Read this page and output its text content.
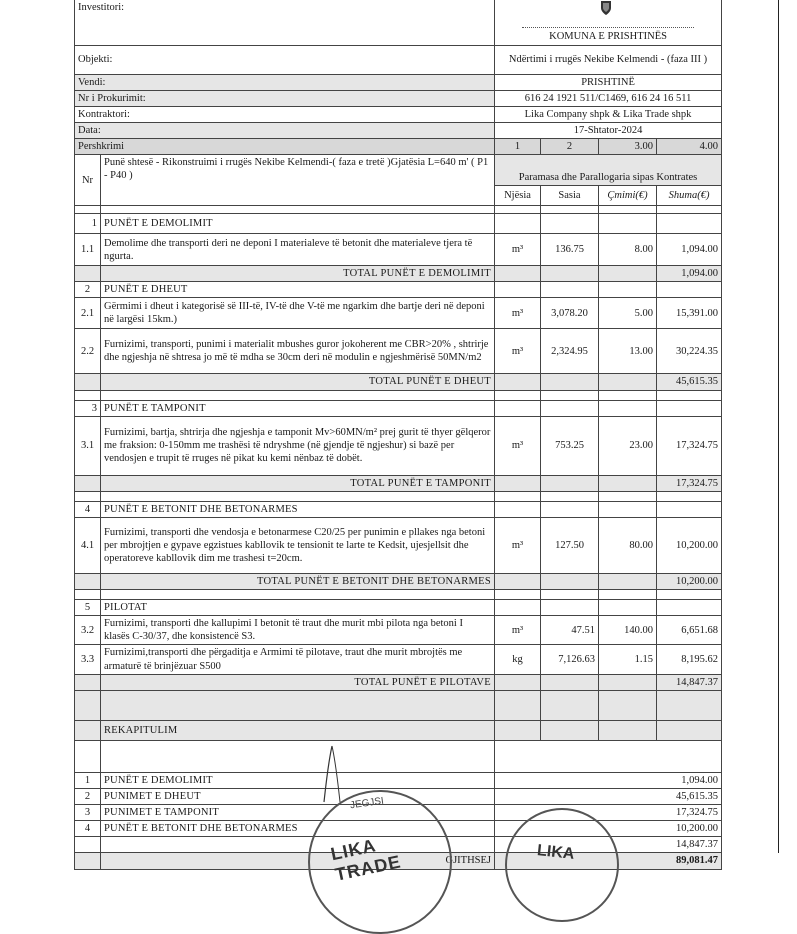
Investitori:		KOMUNA E PRISHTINËS			
Objekti:		Ndërtimi i rrugës Nekibe Kelmendi - (faza III )			
Vendi:		PRISHTINË			
Nr i Prokurimit:		616 24 1921 511/C1469, 616 24 16 511			
Kontraktori:		Lika Company shpk & Lika Trade shpk			
Data:		17-Shtator-2024			
Pershkrimi		1	2	3.00	4.00
Nr	Punë shtesë - Rikonstruimi i rrugës Nekibe Kelmendi-( faza e tretë )Gjatësia L=640 m' ( P1 - P40 )	Paramasa dhe Parallogaria sipas Kontrates			
		Njësia	Sasia	Çmimi(€)	Shuma(€)

1	PUNËT E DEMOLIMIT				
1.1	Demolime dhe transporti deri ne deponi I materialeve të betonit dhe materialeve tjera të ngurta.	m³	136.75	8.00	1,094.00
	TOTAL PUNËT E DEMOLIMIT				1,094.00
2	PUNËT E DHEUT				
2.1	Gërmimi i dheut i kategorisë së III-të, IV-të dhe V-të me ngarkim dhe bartje deri në deponi në largësi 15km.)	m³	3,078.20	5.00	15,391.00
2.2	Furnizimi, transporti, punimi i materialit mbushes guror jokoherent me CBR>20% , shtrirje dhe ngjeshja në shtresa jo më të mdha se 30cm deri në modulin e ngjeshmërisë 50MN/m2	m³	2,324.95	13.00	30,224.35
	TOTAL PUNËT E DHEUT				45,615.35

3	PUNËT E TAMPONIT				
3.1	Furnizimi, bartja, shtrirja dhe ngjeshja e tamponit Mv>60MN/m² prej gurit të thyer gëlqeror me fraksion: 0-150mm me trashësi të ndryshme (në gjendje të ngjeshur) si bazë per vendosjen e trupit të rruges në pikat ku kemi nënbaz të dobët.	m³	753.25	23.00	17,324.75
	TOTAL PUNËT E TAMPONIT				17,324.75

4	PUNËT E BETONIT DHE BETONARMES				
4.1	Furnizimi, transporti dhe vendosja e betonarmese C20/25 per punimin e pllakes nga betoni per mbrojtjen e gypave egzistues kabllovik te tensionit te larte te Kedsit, ujesjellsit dhe operatoreve kabllovik dim me trashesi t=20cm.	m³	127.50	80.00	10,200.00
	TOTAL PUNËT E BETONIT DHE BETONARMES				10,200.00

5	PILOTAT				
3.2	Furnizimi, transporti dhe kallupimi I betonit të traut dhe murit mbi pilota nga betoni I klasës C-30/37, dhe konsistencë S3.	m³	47.51	140.00	6,651.68
3.3	Furnizimi,transporti dhe përgaditja e Armimi të pilotave, traut dhe murit mbrojtës me armaturë të brinjëzuar S500	kg	7,126.63	1.15	8,195.62
	TOTAL PUNËT E PILOTAVE				14,847.37

	REKAPITULIM				

1	PUNËT E DEMOLIMIT	1,094.00			
2	PUNIMET E DHEUT	45,615.35			
3	PUNIMET E TAMPONIT	17,324.75			
4	PUNËT E BETONIT DHE BETONARMES	10,200.00			
		14,847.37			
	GJITHSEJ	89,081.47			
JEGJSI
LIKA TRADE	LIKA
